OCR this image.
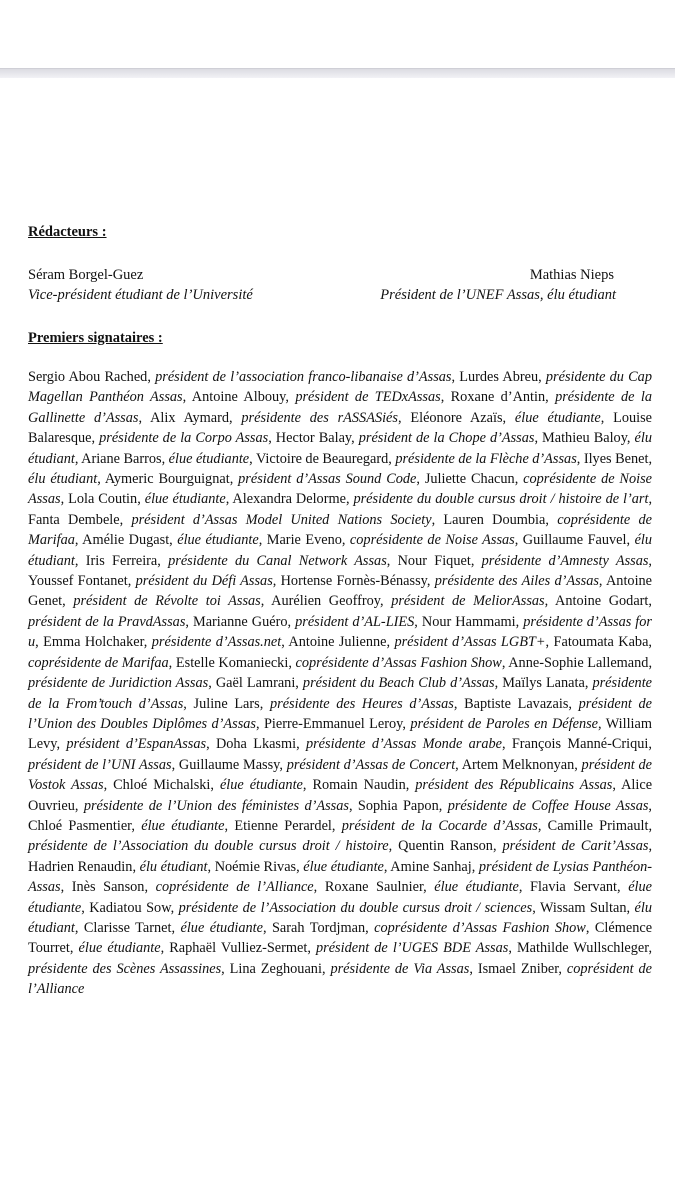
Rédacteurs :

Séram Borgel-Guez
Vice-président étudiant de l’Université
Mathias Nieps
Président de l’UNEF Assas, élu étudiant

Premiers signataires :

Sergio Abou Rached, président de l’association franco-libanaise d’Assas, Lurdes Abreu, présidente du Cap Magellan Panthéon Assas, Antoine Albouy, président de TEDxAssas, Roxane d’Antin, présidente de la Gallinette d’Assas, Alix Aymard, présidente des rASSASiés, Eléonore Azaïs, élue étudiante, Louise Balaresque, présidente de la Corpo Assas, Hector Balay, président de la Chope d’Assas, Mathieu Baloy, élu étudiant, Ariane Barros, élue étudiante, Victoire de Beauregard, présidente de la Flèche d’Assas, Ilyes Benet, élu étudiant, Aymeric Bourguignat, président d’Assas Sound Code, Juliette Chacun, coprésidente de Noise Assas, Lola Coutin, élue étudiante, Alexandra Delorme, présidente du double cursus droit / histoire de l’art, Fanta Dembele, président d’Assas Model United Nations Society, Lauren Doumbia, coprésidente de Marifaa, Amélie Dugast, élue étudiante, Marie Eveno, coprésidente de Noise Assas, Guillaume Fauvel, élu étudiant, Iris Ferreira, présidente du Canal Network Assas, Nour Fiquet, présidente d’Amnesty Assas, Youssef Fontanet, président du Défi Assas, Hortense Fornès-Bénassy, présidente des Ailes d’Assas, Antoine Genet, président de Révolte toi Assas, Aurélien Geoffroy, président de MeliorAssas, Antoine Godart, président de la PravdAssas, Marianne Guéro, président d’AL-LIES, Nour Hammami, présidente d’Assas for u, Emma Holchaker, présidente d’Assas.net, Antoine Julienne, président d’Assas LGBT+, Fatoumata Kaba, coprésidente de Marifaa, Estelle Komaniecki, coprésidente d’Assas Fashion Show, Anne-Sophie Lallemand, présidente de Juridiction Assas, Gaël Lamrani, président du Beach Club d’Assas, Maïlys Lanata, présidente de la From’touch d’Assas, Juline Lars, présidente des Heures d’Assas, Baptiste Lavazais, président de l’Union des Doubles Diplômes d’Assas, Pierre-Emmanuel Leroy, président de Paroles en Défense, William Levy, président d’EspanAssas, Doha Lkasmi, présidente d’Assas Monde arabe, François Manné-Criqui, président de l’UNI Assas, Guillaume Massy, président d’Assas de Concert, Artem Melknonyan, président de Vostok Assas, Chloé Michalski, élue étudiante, Romain Naudin, président des Républicains Assas, Alice Ouvrieu, présidente de l’Union des féministes d’Assas, Sophia Papon, présidente de Coffee House Assas, Chloé Pasmentier, élue étudiante, Etienne Perardel, président de la Cocarde d’Assas, Camille Primault, présidente de l’Association du double cursus droit / histoire, Quentin Ranson, président de Carit’Assas, Hadrien Renaudin, élu étudiant, Noémie Rivas, élue étudiante, Amine Sanhaj, président de Lysias Panthéon-Assas, Inès Sanson, coprésidente de l’Alliance, Roxane Saulnier, élue étudiante, Flavia Servant, élue étudiante, Kadiatou Sow, présidente de l’Association du double cursus droit / sciences, Wissam Sultan, élu étudiant, Clarisse Tarnet, élue étudiante, Sarah Tordjman, coprésidente d’Assas Fashion Show, Clémence Tourret, élue étudiante, Raphaël Vulliez-Sermet, président de l’UGES BDE Assas, Mathilde Wullschleger, présidente des Scènes Assassines, Lina Zeghouani, présidente de Via Assas, Ismael Zniber, coprésident de l’Alliance
